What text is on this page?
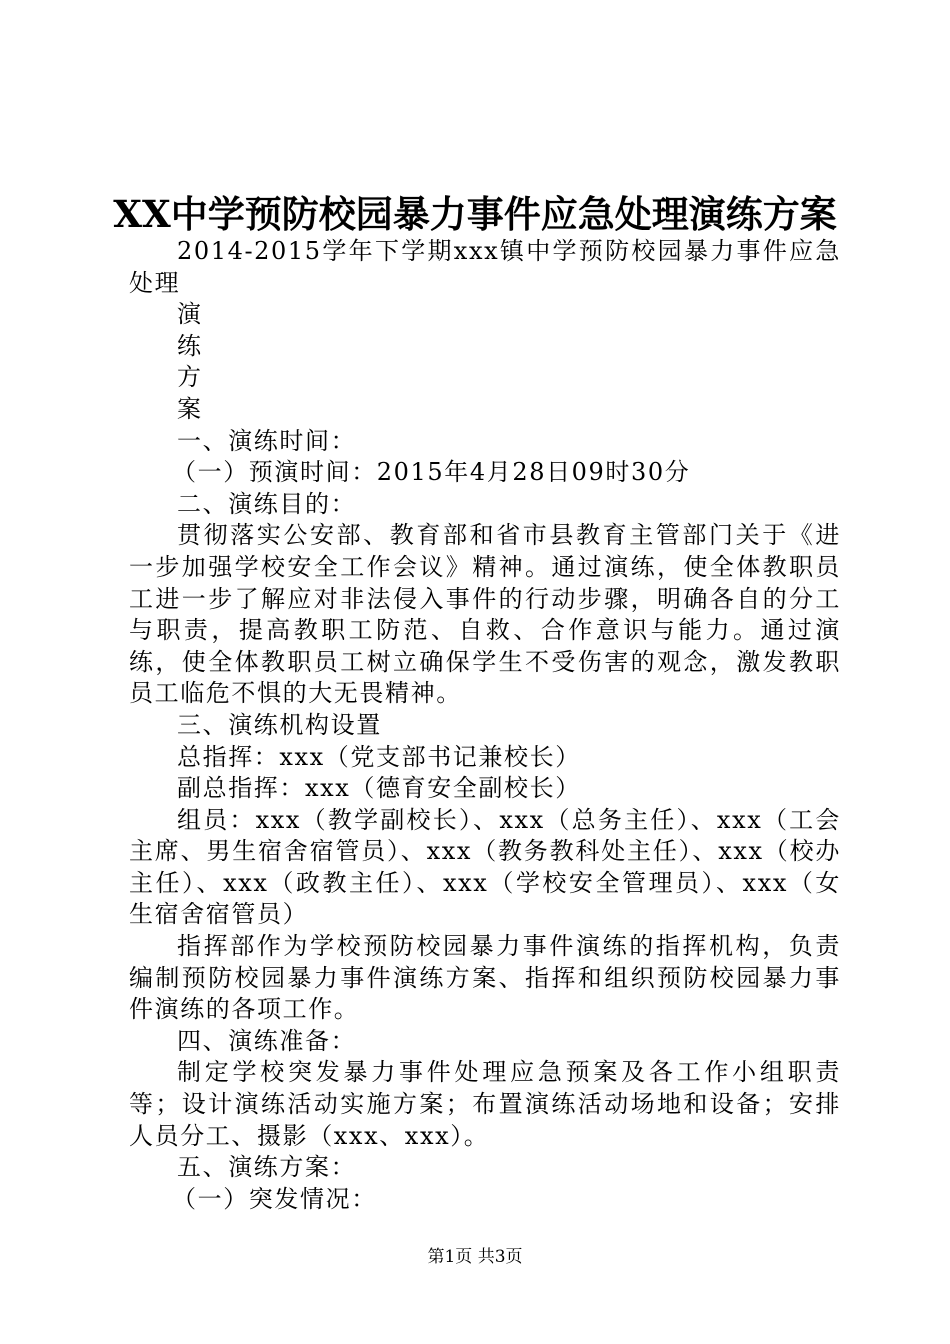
XX中学预防校园暴力事件应急处理演练方案

2014-2015学年下学期xxx镇中学预防校园暴力事件应急处理

演

练

方

案

一、演练时间：

（一）预演时间：2015年4月28日09时30分

二、演练目的：

贯彻落实公安部、教育部和省市县教育主管部门关于《进一步加强学校安全工作会议》精神。通过演练，使全体教职员工进一步了解应对非法侵入事件的行动步骤，明确各自的分工与职责，提高教职工防范、自救、合作意识与能力。通过演练，使全体教职员工树立确保学生不受伤害的观念，激发教职员工临危不惧的大无畏精神。

三、演练机构设置

总指挥：xxx（党支部书记兼校长）

副总指挥：xxx（德育安全副校长）

组员：xxx（教学副校长）、xxx（总务主任）、xxx（工会主席、男生宿舍宿管员）、xxx（教务教科处主任）、xxx（校办主任）、xxx（政教主任）、xxx（学校安全管理员）、xxx（女生宿舍宿管员）

指挥部作为学校预防校园暴力事件演练的指挥机构，负责编制预防校园暴力事件演练方案、指挥和组织预防校园暴力事件演练的各项工作。

四、演练准备：

制定学校突发暴力事件处理应急预案及各工作小组职责等；设计演练活动实施方案；布置演练活动场地和设备；安排人员分工、摄影（xxx、xxx）。

五、演练方案：

（一）突发情况：

第1页 共3页
